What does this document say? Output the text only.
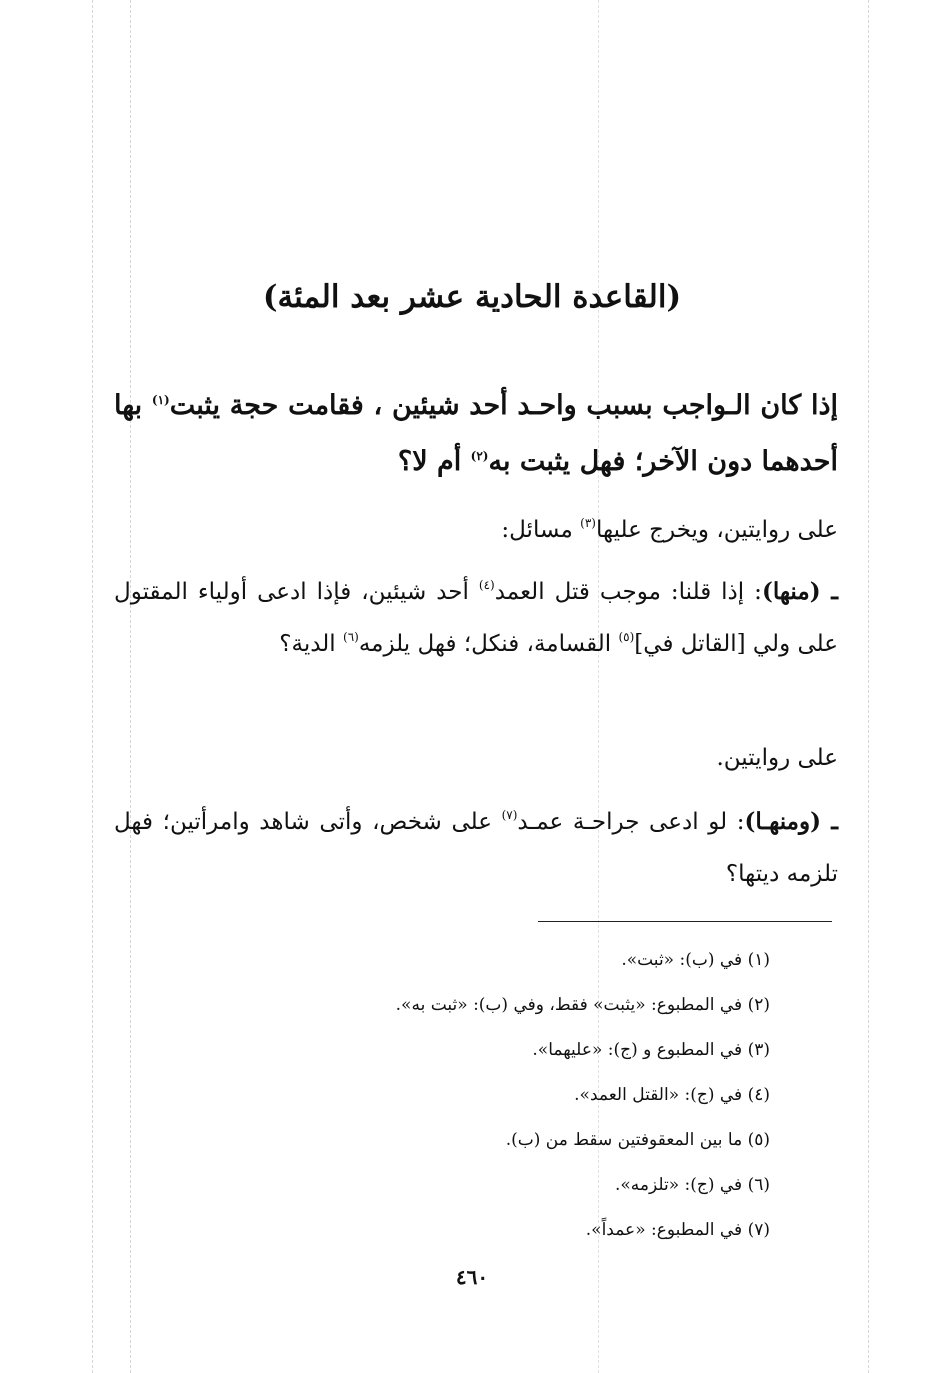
(القاعدة الحادية عشر بعد المئة)
إذا كان الـواجب بسبب واحـد أحد شيئين ، فقامت حجة يثبت$^{(١)}$ بها أحدهما دون الآخر؛ فهل يثبت به$^{(٢)}$ أم لا؟
على روايتين، ويخرج عليها$^{(٣)}$ مسائل:
ـ (منها): إذا قلنا: موجب قتل العمد$^{(٤)}$ أحد شيئين، فإذا ادعى أولياء المقتول على ولي [القاتل في]$^{(٥)}$ القسامة، فنكل؛ فهل يلزمه$^{(٦)}$ الدية؟
على روايتين.
ـ (ومنهـا): لو ادعى جراحـة عمـد$^{(٧)}$ على شخص، وأتى شاهد وامرأتين؛ فهل تلزمه ديتها؟
(١) في (ب): «ثبت».
(٢) في المطبوع: «يثبت» فقط، وفي (ب): «ثبت به».
(٣) في المطبوع و (ج): «عليهما».
(٤) في (ج): «القتل العمد».
(٥) ما بين المعقوفتين سقط من (ب).
(٦) في (ج): «تلزمه».
(٧) في المطبوع: «عمداً».
٤٦٠
